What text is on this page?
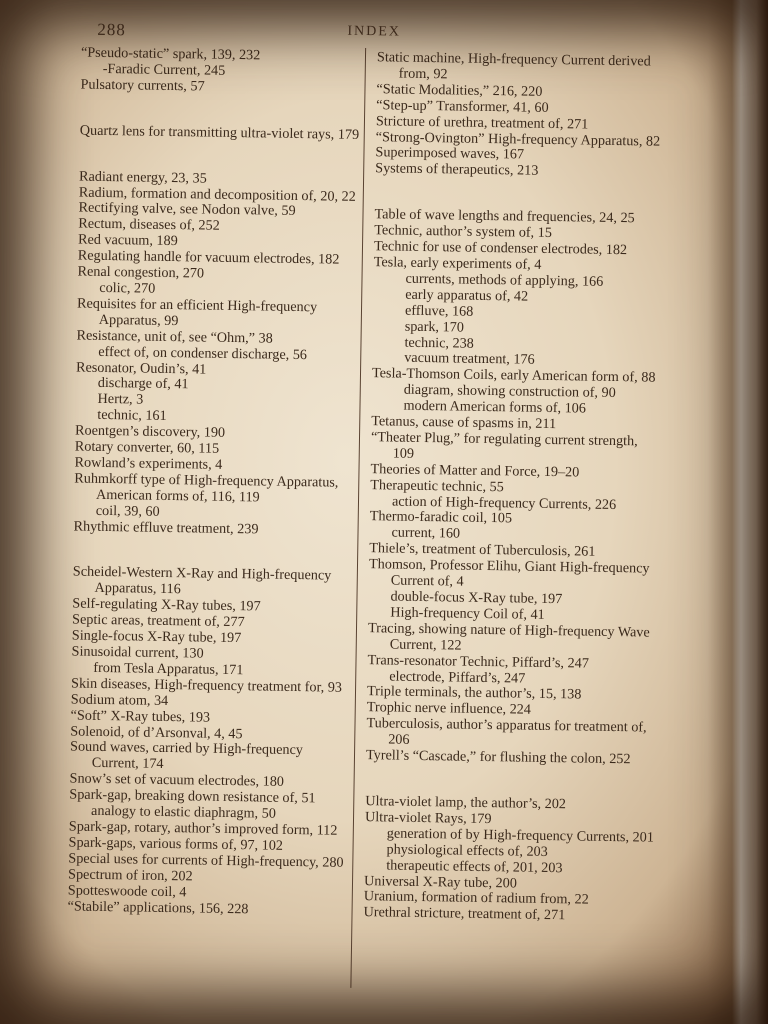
288	INDEX

“Pseudo-static” spark, 139, 232

-Faradic Current, 245

Pulsatory currents, 57

Quartz lens for transmitting ultra-violet rays, 179

Radiant energy, 23, 35

Radium, formation and decomposition of, 20, 22

Rectifying valve, see Nodon valve, 59

Rectum, diseases of, 252

Red vacuum, 189

Regulating handle for vacuum electrodes, 182

Renal congestion, 270

colic, 270

Requisites for an efficient High-frequency Apparatus, 99

Resistance, unit of, see “Ohm,” 38

effect of, on condenser discharge, 56

Resonator, Oudin’s, 41

discharge of, 41

Hertz, 3

technic, 161

Roentgen’s discovery, 190

Rotary converter, 60, 115

Rowland’s experiments, 4

Ruhmkorff type of High-frequency Apparatus, American forms of, 116, 119

coil, 39, 60

Rhythmic effluve treatment, 239

Scheidel-Western X-Ray and High-frequency Apparatus, 116

Self-regulating X-Ray tubes, 197

Septic areas, treatment of, 277

Single-focus X-Ray tube, 197

Sinusoidal current, 130

from Tesla Apparatus, 171

Skin diseases, High-frequency treatment for, 93

Sodium atom, 34

“Soft” X-Ray tubes, 193

Solenoid, of d’Arsonval, 4, 45

Sound waves, carried by High-frequency Current, 174

Snow’s set of vacuum electrodes, 180

Spark-gap, breaking down resistance of, 51

analogy to elastic diaphragm, 50

Spark-gap, rotary, author’s improved form, 112

Spark-gaps, various forms of, 97, 102

Special uses for currents of High-frequency, 280

Spectrum of iron, 202

Spotteswoode coil, 4

“Stabile” applications, 156, 228

Static machine, High-frequency Current derived from, 92

“Static Modalities,” 216, 220

“Step-up” Transformer, 41, 60

Stricture of urethra, treatment of, 271

“Strong-Ovington” High-frequency Apparatus, 82

Superimposed waves, 167

Systems of therapeutics, 213

Table of wave lengths and frequencies, 24, 25

Technic, author’s system of, 15

Technic for use of condenser electrodes, 182

Tesla, early experiments of, 4

currents, methods of applying, 166

early apparatus of, 42

effluve, 168

spark, 170

technic, 238

vacuum treatment, 176

Tesla-Thomson Coils, early American form of, 88

diagram, showing construction of, 90

modern American forms of, 106

Tetanus, cause of spasms in, 211

“Theater Plug,” for regulating current strength, 109

Theories of Matter and Force, 19–20

Therapeutic technic, 55

action of High-frequency Currents, 226

Thermo-faradic coil, 105

current, 160

Thiele’s, treatment of Tuberculosis, 261

Thomson, Professor Elihu, Giant High-frequency Current of, 4

double-focus X-Ray tube, 197

High-frequency Coil of, 41

Tracing, showing nature of High-frequency Wave Current, 122

Trans-resonator Technic, Piffard’s, 247

electrode, Piffard’s, 247

Triple terminals, the author’s, 15, 138

Trophic nerve influence, 224

Tuberculosis, author’s apparatus for treatment of, 206

Tyrell’s “Cascade,” for flushing the colon, 252

Ultra-violet lamp, the author’s, 202

Ultra-violet Rays, 179

generation of by High-frequency Currents, 201

physiological effects of, 203

therapeutic effects of, 201, 203

Universal X-Ray tube, 200

Uranium, formation of radium from, 22

Urethral stricture, treatment of, 271
